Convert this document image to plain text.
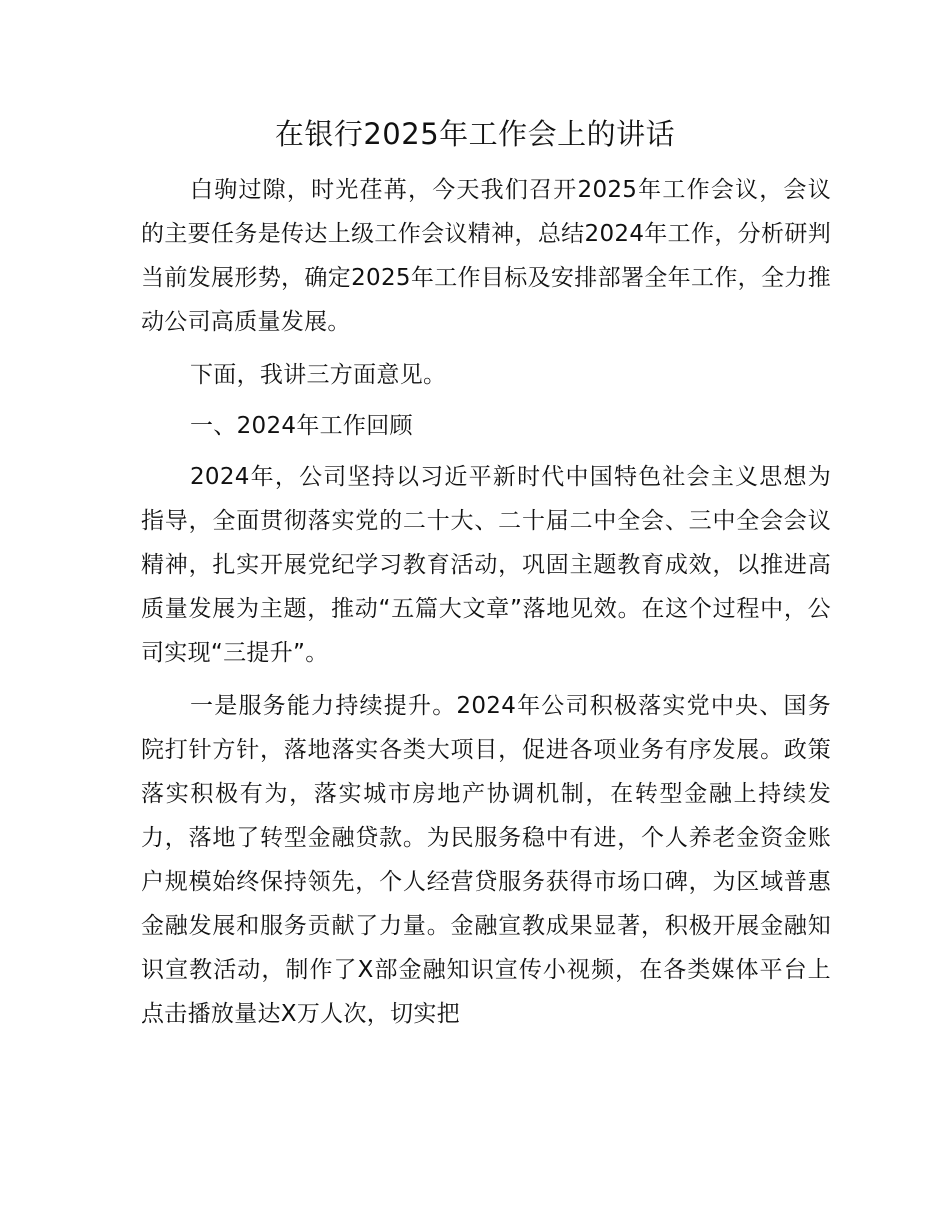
在银行2025年工作会上的讲话

白驹过隙，时光荏苒，今天我们召开2025年工作会议，会议的主要任务是传达上级工作会议精神，总结2024年工作，分析研判当前发展形势，确定2025年工作目标及安排部署全年工作，全力推动公司高质量发展。

下面，我讲三方面意见。

一、2024年工作回顾

2024年，公司坚持以习近平新时代中国特色社会主义思想为指导，全面贯彻落实党的二十大、二十届二中全会、三中全会会议精神，扎实开展党纪学习教育活动，巩固主题教育成效，以推进高质量发展为主题，推动“五篇大文章”落地见效。在这个过程中，公司实现“三提升”。

一是服务能力持续提升。2024年公司积极落实党中央、国务院打针方针，落地落实各类大项目，促进各项业务有序发展。政策落实积极有为，落实城市房地产协调机制，在转型金融上持续发力，落地了转型金融贷款。为民服务稳中有进，个人养老金资金账户规模始终保持领先，个人经营贷服务获得市场口碑，为区域普惠金融发展和服务贡献了力量。金融宣教成果显著，积极开展金融知识宣教活动，制作了X部金融知识宣传小视频，在各类媒体平台上点击播放量达X万人次，切实把
